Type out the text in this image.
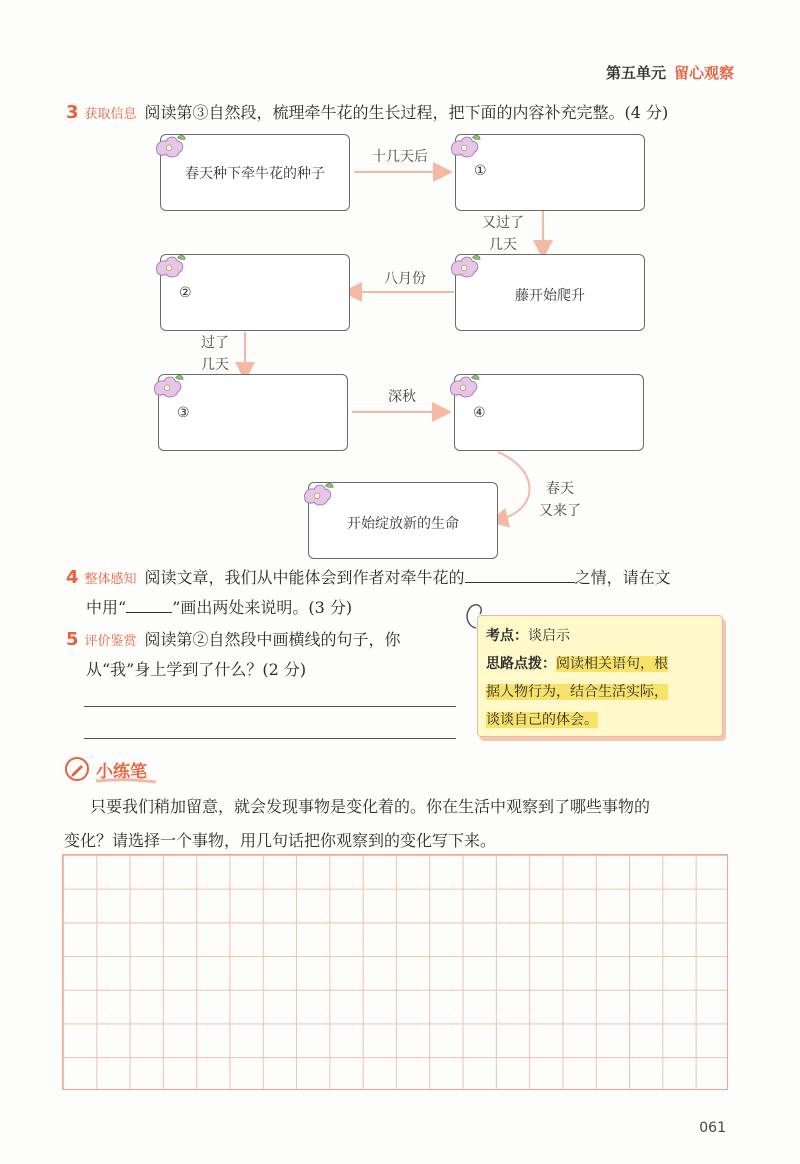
第五单元 留心观察
3 获取信息 阅读第③自然段，梳理牵牛花的生长过程，把下面的内容补充完整。(4 分)
春天种下牵牛花的种子	①
②	藤开始爬升
③	④
开始绽放新的生命
十几天后
又过了
几天
八月份
过了
几天
深秋
春天
又来了
4 整体感知 阅读文章，我们从中能体会到作者对牵牛花的	之情，请在文
中用“	”画出两处来说明。(3 分)
5 评价鉴赏 阅读第②自然段中画横线的句子，你
从“我”身上学到了什么？(2 分)
考点：谈启示
思路点拨：阅读相关语句，根
据人物行为，结合生活实际，
谈谈自己的体会。
小练笔
只要我们稍加留意，就会发现事物是变化着的。你在生活中观察到了哪些事物的
变化？请选择一个事物，用几句话把你观察到的变化写下来。
061
